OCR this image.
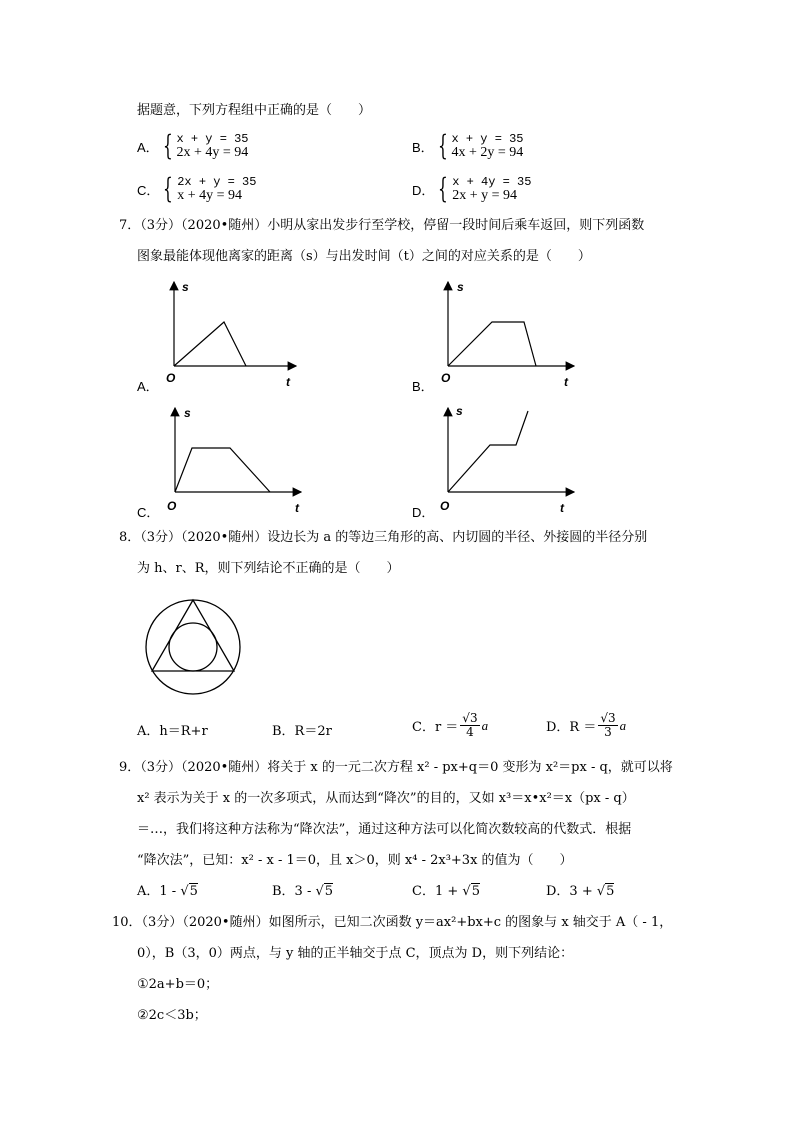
据题意，下列方程组中正确的是（　　）
A． { x + y = 35
2x + 4y = 94	B． { x + y = 35
4x + 2y = 94
C． { 2x + y = 35
x + 4y = 94	D． { x + 4y = 35
2x + y = 94
7．（3分）（2020•随州）小明从家出发步行至学校，停留一段时间后乘车返回，则下列函数
图象最能体现他离家的距离（s）与出发时间（t）之间的对应关系的是（　　）
A．	B．
C．	D．
s
t
O
s
t
O
s
t
O
s
t
O
8．（3分）（2020•随州）设边长为 a 的等边三角形的高、内切圆的半径、外接圆的半径分别
为 h、r、R，则下列结论不正确的是（　　）
A．h＝R+r	B．R＝2r	C．$r = \frac{√3}{4}$ a	D．$R = \frac{√3}{3}$ a
9．（3分）（2020•随州）将关于 x 的一元二次方程 x² - px+q＝0 变形为 x²＝px - q，就可以将
x² 表示为关于 x 的一次多项式，从而达到“降次”的目的，又如 x³＝x•x²＝x（px - q）
＝…，我们将这种方法称为“降次法”，通过这种方法可以化简次数较高的代数式．根据
“降次法”，已知：x² - x - 1＝0，且 x＞0，则 x⁴ - 2x³+3x 的值为（　　）
A．1 - √5	B．3 - √5	C．1 + √5	D．3 + √5
10．（3分）（2020•随州）如图所示，已知二次函数 y＝ax²+bx+c 的图象与 x 轴交于 A（ - 1，
0），B（3，0）两点，与 y 轴的正半轴交于点 C，顶点为 D，则下列结论：
①2a+b＝0；
②2c＜3b；
